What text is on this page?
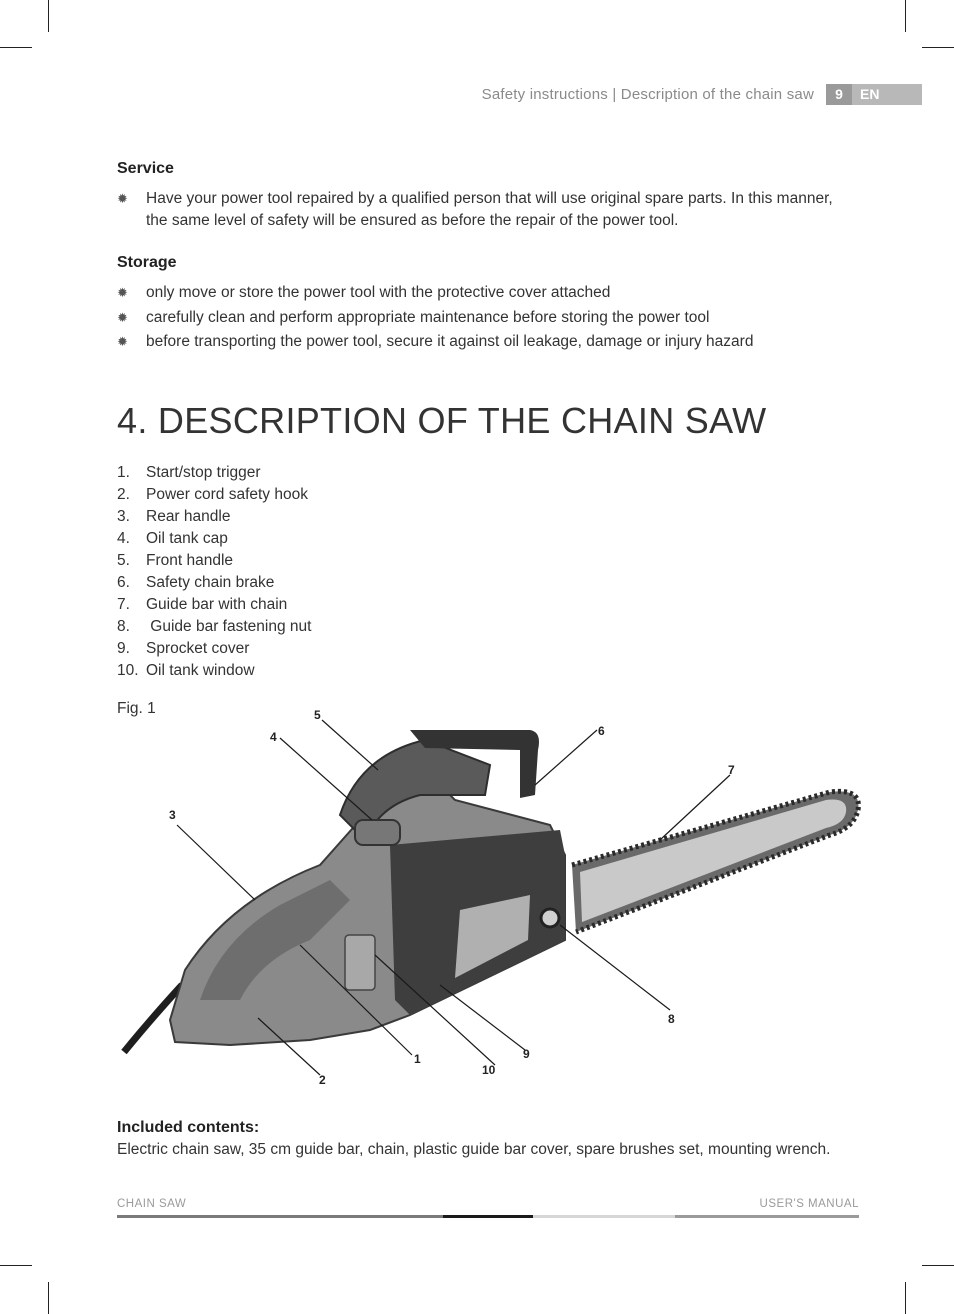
Safety instructions | Description of the chain saw	9	EN
Service
✹ Have your power tool repaired by a qualified person that will use original spare parts. In this manner, the same level of safety will be ensured as before the repair of the power tool.
Storage
✹ only move or store the power tool with the protective cover attached
✹ carefully clean and perform appropriate maintenance before storing the power tool
✹ before transporting the power tool, secure it against oil leakage, damage or injury hazard
4. DESCRIPTION OF THE CHAIN SAW
1. Start/stop trigger
2. Power cord safety hook
3. Rear handle
4. Oil tank cap
5. Front handle
6. Safety chain brake
7. Guide bar with chain
8. Guide bar fastening nut
9. Sprocket cover
10. Oil tank window
Fig. 1
3
4
5
6
7
8
9
10
1
2
Included contents:
Electric chain saw, 35 cm guide bar, chain, plastic guide bar cover, spare brushes set, mounting wrench.
CHAIN SAW	USER'S MANUAL
